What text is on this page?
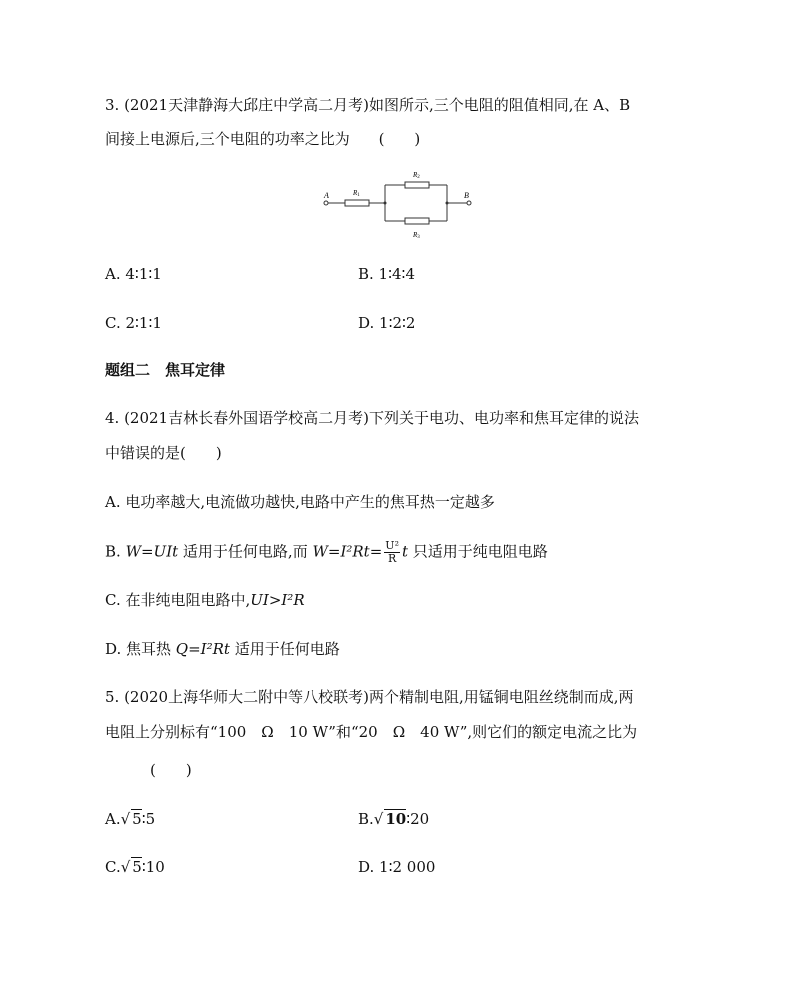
3. (2021天津静海大邱庄中学高二月考)如图所示,三个电阻的阻值相同,在 A、B
间接上电源后,三个电阻的功率之比为 (　　)
A	R1
R2
R3
B
A. 4∶1∶1	B. 1∶4∶4
C. 2∶1∶1	D. 1∶2∶2
题组二　焦耳定律
4. (2021吉林长春外国语学校高二月考)下列关于电功、电功率和焦耳定律的说法
中错误的是(　　)
A. 电功率越大,电流做功越快,电路中产生的焦耳热一定越多
B. W=UIt 适用于任何电路,而 $W=I^2Rt= \frac{\text{U²}}{R}$ t 只适用于纯电阻电路
C. 在非纯电阻电路中,UI>I²R
D. 焦耳热 Q=I²Rt 适用于任何电路
5. (2020上海华师大二附中等八校联考)两个精制电阻,用锰铜电阻丝绕制而成,两
电阻上分别标有“100　Ω　10 W”和“20　Ω　40 W”,则它们的额定电流之比为
(　　)
A.√ 5∶5	B.√ 10∶20
C.√ 5∶10	D. 1∶2 000
